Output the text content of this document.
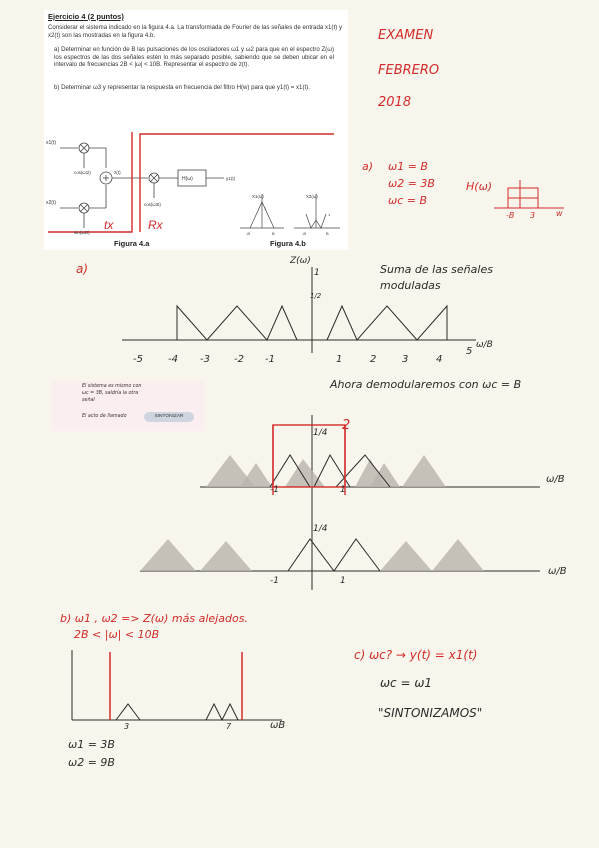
Ejercicio 4 (2 puntos)
Considerar el sistema indicado en la figura 4.a. La transformada de Fourier de las señales de entrada x1(t) y x2(t) son las mostradas en la figura 4.b.
a) Determinar en función de B las pulsaciones de los osciladores ω1 y ω2 para que en el espectro Z(ω) los espectros de las dos señales estén lo más separado posible, sabiendo que se deben ubicar en el intervalo de frecuencias 2B < |ω| < 10B. Representar el espectro de z(t).
b) Determinar ω3 y representar la respuesta en frecuencia del filtro H(w) para que y1(t) = x1(t).
x1(t)
x2(t)
cos(ω1t)
sin(ω2t)
z(t)
cos(ω3t)
H(ω)	y1(t)
tx	Rx
X1(ω)	X2(ω)
-B	B	-B	B
1
1
Figura 4.a	Figura 4.b
EXAMEN
FEBRERO
2018
a) ω1 = B
ω2 = 3B
ωc = B
H(ω)
-B 3	w
a)
Z(ω)
1
1/2
Suma de las señales moduladas
-5	-4 -3 -2 -1	1	2	3	4
5
ω/B
El sistema es mismo con
ωc = 3B, saldría la otra
señal
El acto de llamado	SINTONIZAR
Ahora demodularemos con ωc = B
2
1/4
1/4
-1	1
-1	1
ω/B
ω/B
b) ω1 , ω2 => Z(ω) más alejados.
2B < |ω| < 10B
3	7	ωB
ω1 = 3B
ω2 = 9B
c) ωc? → y(t) = x1(t)
ωc = ω1
"SINTONIZAMOS"
